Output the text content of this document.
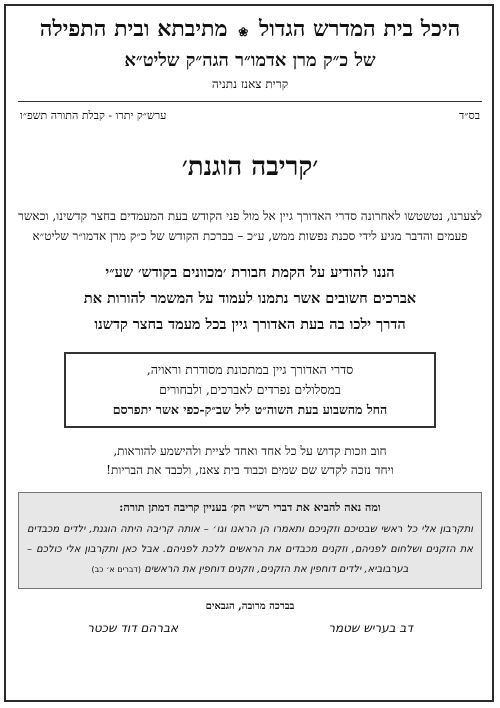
היכל בית המדרש הגדול ❀ מתיבתא ובית התפילה
של כ״ק מרן אדמו״ר הגה״ק שליט״א
קרית צאנז נתניה
בס״ד
ערש״ק יתרו - קבלת התורה תשפ״ו
׳קריבה הוגנת׳
לצערנו, נטשטשו לאחרונה סדרי האדורך גיין אל מול פני הקודש בעת המעמדים בחצר קדשינו, וכאשר פעמים והדבר מגיע לידי סכנת נפשות ממש, ע״כ – בברכת הקודש של כ״ק מרן אדמו״ר שליט״א
הננו להודיע על הקמת חבורת ׳מכוונים בקודש׳ שע״י
אברכים חשובים אשר נתמנו לעמוד על המשמר להורות את
הדרך ילכו בה בעת האדורך גיין בכל מעמד בחצר קדשנו
סדרי האדורך גיין במתכונת מסודרת וראויה,
במסלולים נפרדים לאברכים, ולבחורים
החל מהשבוע בעת השוה״ט ליל שב״ק-כפי אשר יתפרסם
חוב וזכות קדוש על כל אחד ואחד לציית ולהישמע להוראות,
ויחד נזכה לקדש שם שמים וכבוד בית צאנז, ולכבד את הבריות!
ומה נאה להביא את דברי רש״י הק׳ בעניין קריבה דמתן תורה:
ותקרבון אלי כל ראשי שבטיכם וזקניכם ותאמרו הן הראנו וגו׳ – אותה קריבה היתה הוגנת, ילדים מכבדים את הזקנים ושלחום לפניהם, וזקנים מכבדים את הראשים ללכת לפניהם. אבל כאן ותקרבון אלי כולכם – בערבוביא, ילדים דוחפין את הזקנים, וזקנים דוחפין את הראשים (דברים א׳ כב)
בברכה מרובה, הגבאים
דב בעריש שטמר
אברהם דוד שכטר
